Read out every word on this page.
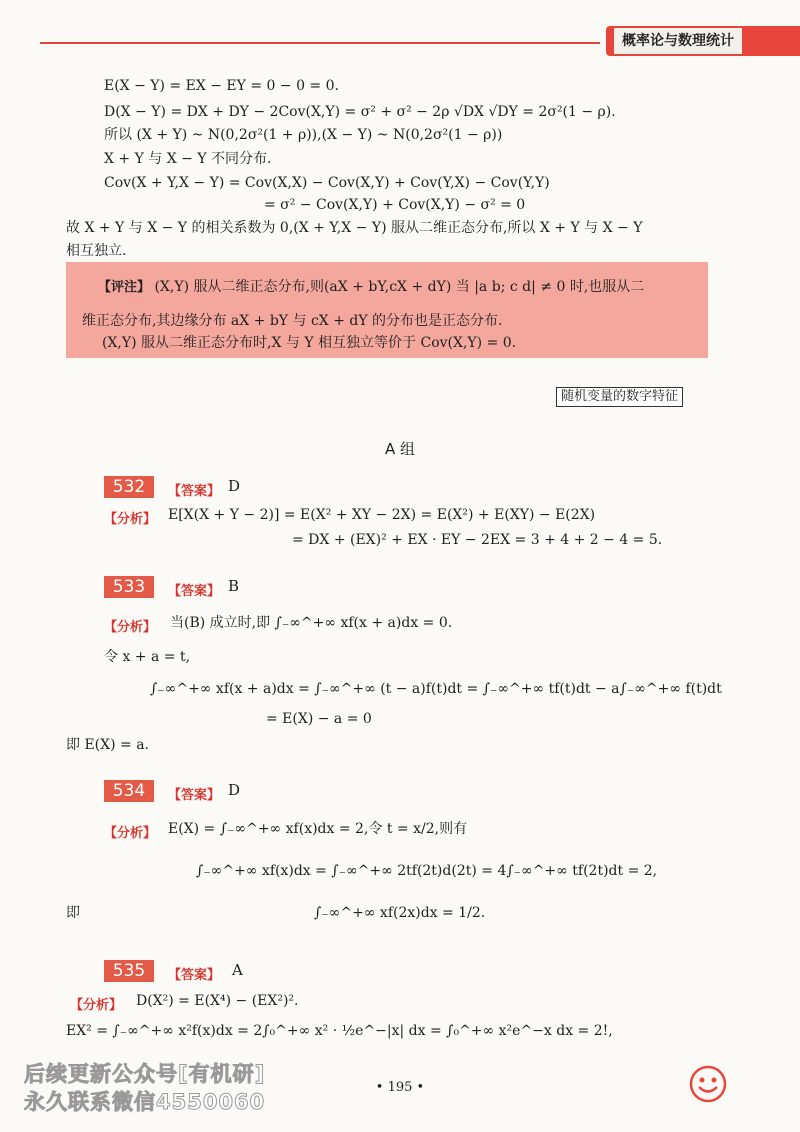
概率论与数理统计
E(X − Y) = EX − EY = 0 − 0 = 0.
D(X − Y) = DX + DY − 2Cov(X,Y) = σ² + σ² − 2ρ √DX √DY = 2σ²(1 − ρ).
所以 (X + Y) ~ N(0,2σ²(1 + ρ)),(X − Y) ~ N(0,2σ²(1 − ρ))
X + Y 与 X − Y 不同分布.
Cov(X + Y,X − Y) = Cov(X,X) − Cov(X,Y) + Cov(Y,X) − Cov(Y,Y)
= σ² − Cov(X,Y) + Cov(X,Y) − σ² = 0
故 X + Y 与 X − Y 的相关系数为 0,(X + Y,X − Y) 服从二维正态分布,所以 X + Y 与 X − Y
相互独立.
【评注】 (X,Y) 服从二维正态分布,则(aX + bY,cX + dY) 当 |a b; c d| ≠ 0 时,也服从二
维正态分布,其边缘分布 aX + bY 与 cX + dY 的分布也是正态分布.
(X,Y) 服从二维正态分布时,X 与 Y 相互独立等价于 Cov(X,Y) = 0.
随机变量的数字特征
A 组
532	【答案】 D
【分析】 E[X(X + Y − 2)] = E(X² + XY − 2X) = E(X²) + E(XY) − E(2X)
= DX + (EX)² + EX · EY − 2EX = 3 + 4 + 2 − 4 = 5.
533	【答案】 B
【分析】 当(B) 成立时,即 ∫₋∞^+∞ xf(x + a)dx = 0.
令 x + a = t,
∫₋∞^+∞ xf(x + a)dx = ∫₋∞^+∞ (t − a)f(t)dt = ∫₋∞^+∞ tf(t)dt − a∫₋∞^+∞ f(t)dt
= E(X) − a = 0
即 E(X) = a.
534	【答案】 D
【分析】 E(X) = ∫₋∞^+∞ xf(x)dx = 2,令 t = x/2,则有
∫₋∞^+∞ xf(x)dx = ∫₋∞^+∞ 2tf(2t)d(2t) = 4∫₋∞^+∞ tf(2t)dt = 2,
即	∫₋∞^+∞ xf(2x)dx = 1/2.
535	【答案】 A
【分析】 D(X²) = E(X⁴) − (EX²)².
EX² = ∫₋∞^+∞ x²f(x)dx = 2∫₀^+∞ x² · ½e^−|x| dx = ∫₀^+∞ x²e^−x dx = 2!,
• 195 •
后续更新公众号[有机研]
永久联系微信4550060
